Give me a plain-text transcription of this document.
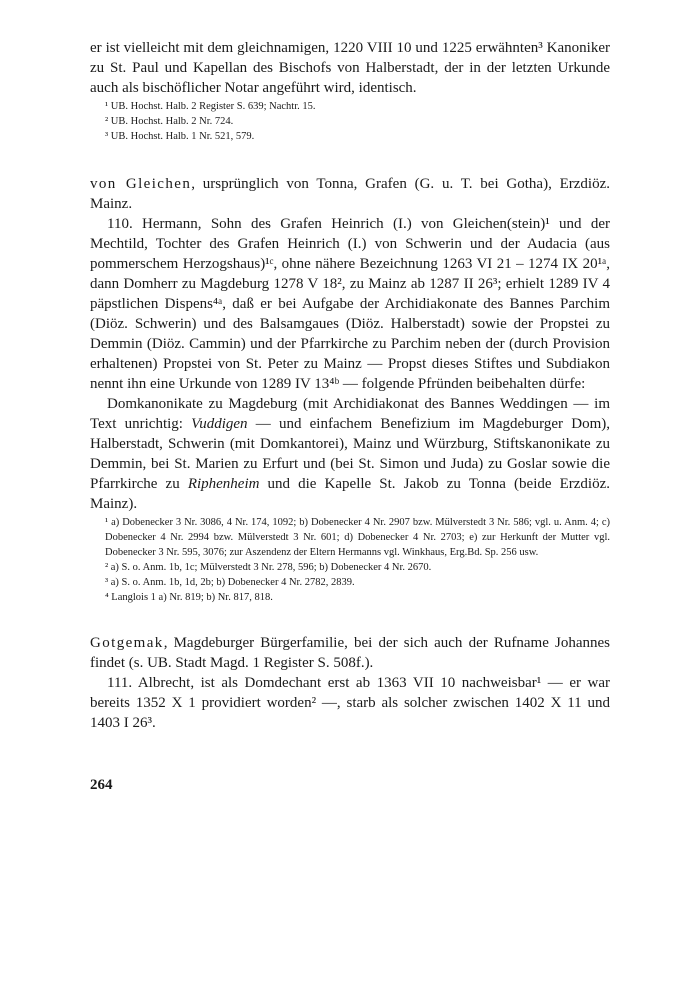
er ist vielleicht mit dem gleichnamigen, 1220 VIII 10 und 1225 erwähnten³ Kanoniker zu St. Paul und Kapellan des Bischofs von Halberstadt, der in der letzten Urkunde auch als bischöflicher Notar angeführt wird, identisch.

¹ UB. Hochst. Halb. 2 Register S. 639; Nachtr. 15.

² UB. Hochst. Halb. 2 Nr. 724.

³ UB. Hochst. Halb. 1 Nr. 521, 579.

von Gleichen, ursprünglich von Tonna, Grafen (G. u. T. bei Gotha), Erzdiöz. Mainz.

110. Hermann, Sohn des Grafen Heinrich (I.) von Gleichen(stein)¹ und der Mechtild, Tochter des Grafen Heinrich (I.) von Schwerin und der Audacia (aus pommerschem Herzogshaus)¹ᶜ, ohne nähere Bezeichnung 1263 VI 21 – 1274 IX 20¹ᵃ, dann Domherr zu Magdeburg 1278 V 18², zu Mainz ab 1287 II 26³; erhielt 1289 IV 4 päpstlichen Dispens⁴ᵃ, daß er bei Aufgabe der Archidiakonate des Bannes Parchim (Diöz. Schwerin) und des Balsamgaues (Diöz. Halberstadt) sowie der Propstei zu Demmin (Diöz. Cammin) und der Pfarrkirche zu Parchim neben der (durch Provision erhaltenen) Propstei von St. Peter zu Mainz — Propst dieses Stiftes und Subdiakon nennt ihn eine Urkunde von 1289 IV 13⁴ᵇ — folgende Pfründen beibehalten dürfe:

Domkanonikate zu Magdeburg (mit Archidiakonat des Bannes Weddingen — im Text unrichtig: Vuddigen — und einfachem Benefizium im Magdeburger Dom), Halberstadt, Schwerin (mit Domkantorei), Mainz und Würzburg, Stiftskanonikate zu Demmin, bei St. Marien zu Erfurt und (bei St. Simon und Juda) zu Goslar sowie die Pfarrkirche zu Riphenheim und die Kapelle St. Jakob zu Tonna (beide Erzdiöz. Mainz).

¹ a) Dobenecker 3 Nr. 3086, 4 Nr. 174, 1092; b) Dobenecker 4 Nr. 2907 bzw. Mülverstedt 3 Nr. 586; vgl. u. Anm. 4; c) Dobenecker 4 Nr. 2994 bzw. Mülverstedt 3 Nr. 601; d) Dobenecker 4 Nr. 2703; e) zur Herkunft der Mutter vgl. Dobenecker 3 Nr. 595, 3076; zur Aszendenz der Eltern Hermanns vgl. Winkhaus, Erg.Bd. Sp. 256 usw.

² a) S. o. Anm. 1b, 1c; Mülverstedt 3 Nr. 278, 596; b) Dobenecker 4 Nr. 2670.

³ a) S. o. Anm. 1b, 1d, 2b; b) Dobenecker 4 Nr. 2782, 2839.

⁴ Langlois 1 a) Nr. 819; b) Nr. 817, 818.

Gotgemak, Magdeburger Bürgerfamilie, bei der sich auch der Rufname Johannes findet (s. UB. Stadt Magd. 1 Register S. 508f.).

111. Albrecht, ist als Domdechant erst ab 1363 VII 10 nachweisbar¹ — er war bereits 1352 X 1 providiert worden² —, starb als solcher zwischen 1402 X 11 und 1403 I 26³.

264
